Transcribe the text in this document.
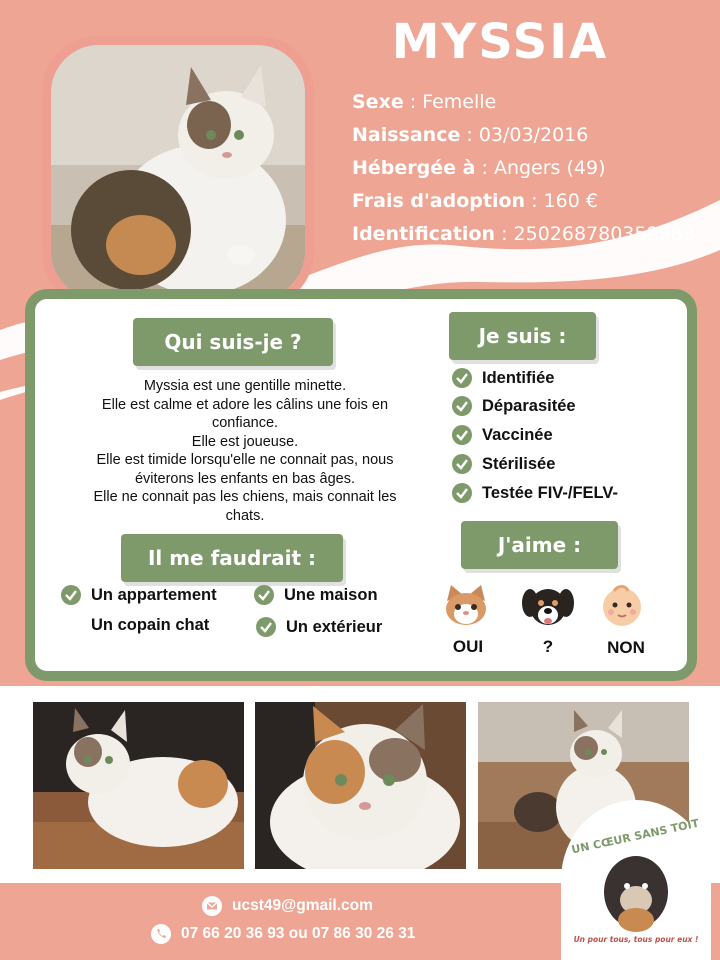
MYSSIA
Sexe : Femelle
Naissance : 03/03/2016
Hébergée à : Angers (49)
Frais d'adoption : 160 €
Identification : 250268780359983
Qui suis-je ?	Je suis :
Il me faudrait :
J'aime :
Myssia est une gentille minette.
Elle est calme et adore les câlins une fois en
confiance.
Elle est joueuse.
Elle est timide lorsqu'elle ne connait pas, nous
éviterons les enfants en bas âges.
Elle ne connait pas les chiens, mais connait les
chats.
Identifiée
Déparasitée
Vaccinée
Stérilisée
Testée FIV-/FELV-
Un appartement	Une maison
Un copain chat	Un extérieur
OUI	?	NON
ucst49@gmail.com
07 66 20 36 93 ou 07 86 30 26 31
UN CŒUR SANS TOIT
Un pour tous, tous pour eux !
